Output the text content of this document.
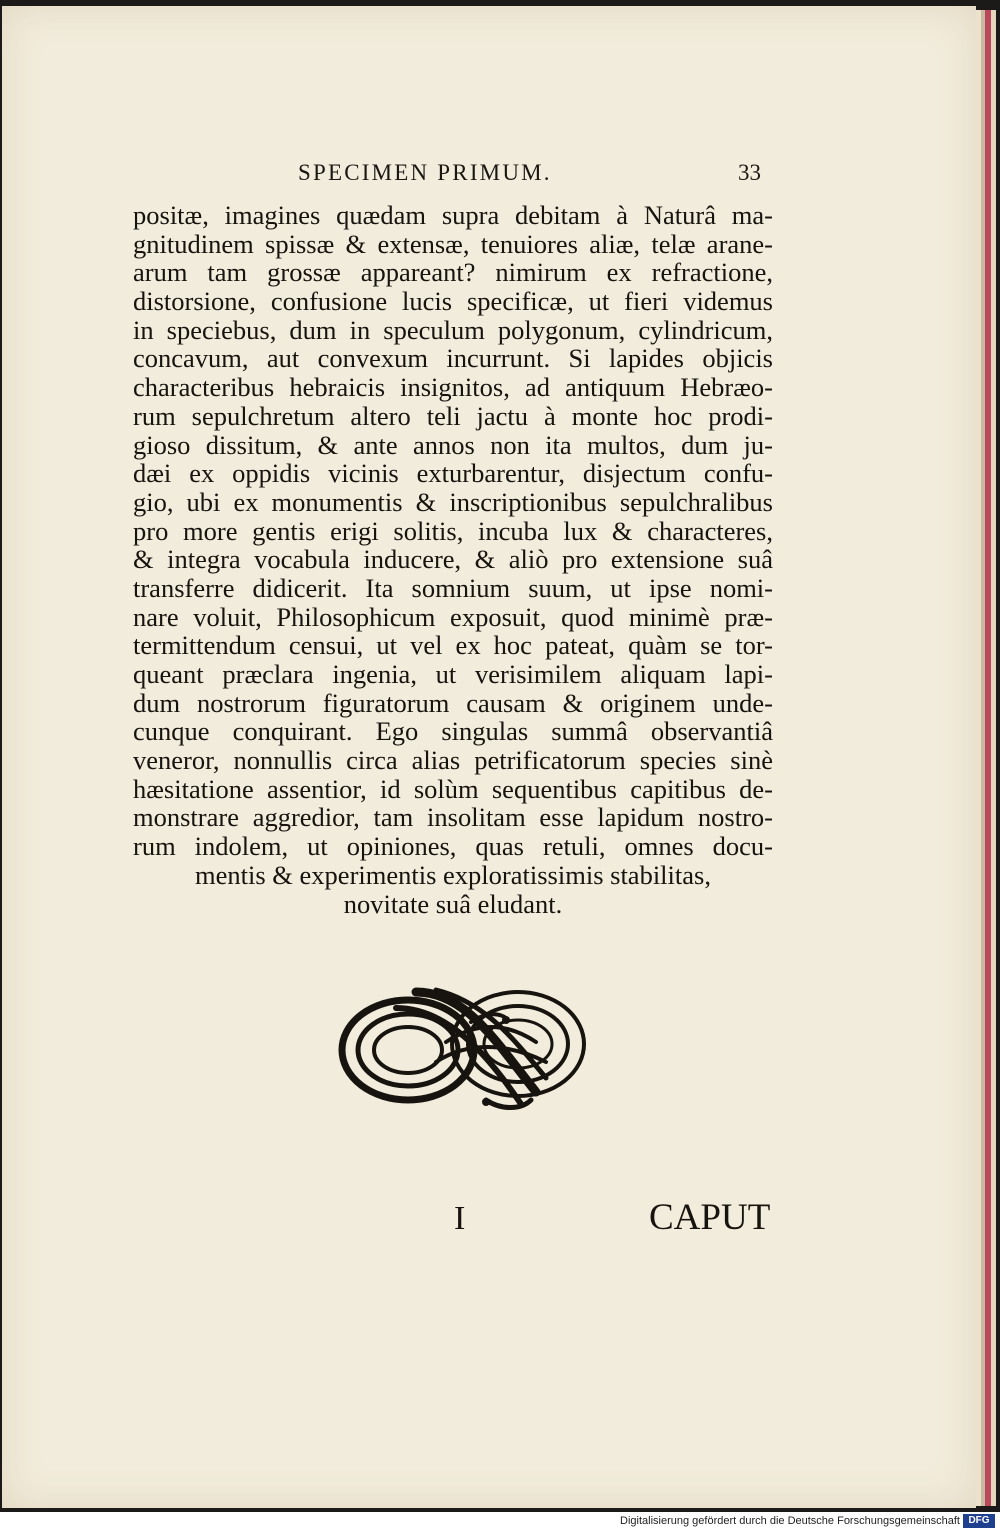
SPECIMEN PRIMUM.	33
positæ, imagines quædam supra debitam à Naturâ ma-
gnitudinem spissæ & extensæ, tenuiores aliæ, telæ arane-
arum tam grossæ appareant? nimirum ex refractione,
distorsione, confusione lucis specificæ, ut fieri videmus
in speciebus, dum in speculum polygonum, cylindricum,
concavum, aut convexum incurrunt. Si lapides objicis
characteribus hebraicis insignitos, ad antiquum Hebræo-
rum sepulchretum altero teli jactu à monte hoc prodi-
gioso dissitum, & ante annos non ita multos, dum ju-
dæi ex oppidis vicinis exturbarentur, disjectum confu-
gio, ubi ex monumentis & inscriptionibus sepulchralibus
pro more gentis erigi solitis, incuba lux & characteres,
& integra vocabula inducere, & aliò pro extensione suâ
transferre didicerit. Ita somnium suum, ut ipse nomi-
nare voluit, Philosophicum exposuit, quod minimè præ-
termittendum censui, ut vel ex hoc pateat, quàm se tor-
queant præclara ingenia, ut verisimilem aliquam lapi-
dum nostrorum figuratorum causam & originem unde-
cunque conquirant. Ego singulas summâ observantiâ
veneror, nonnullis circa alias petrificatorum species sinè
hæsitatione assentior, id solùm sequentibus capitibus de-
monstrare aggredior, tam insolitam esse lapidum nostro-
rum indolem, ut opiniones, quas retuli, omnes docu-
mentis & experimentis exploratissimis stabilitas,
novitate suâ eludant.
I	CAPUT
Digitalisierung gefördert durch die Deutsche Forschungsgemeinschaft DFG
